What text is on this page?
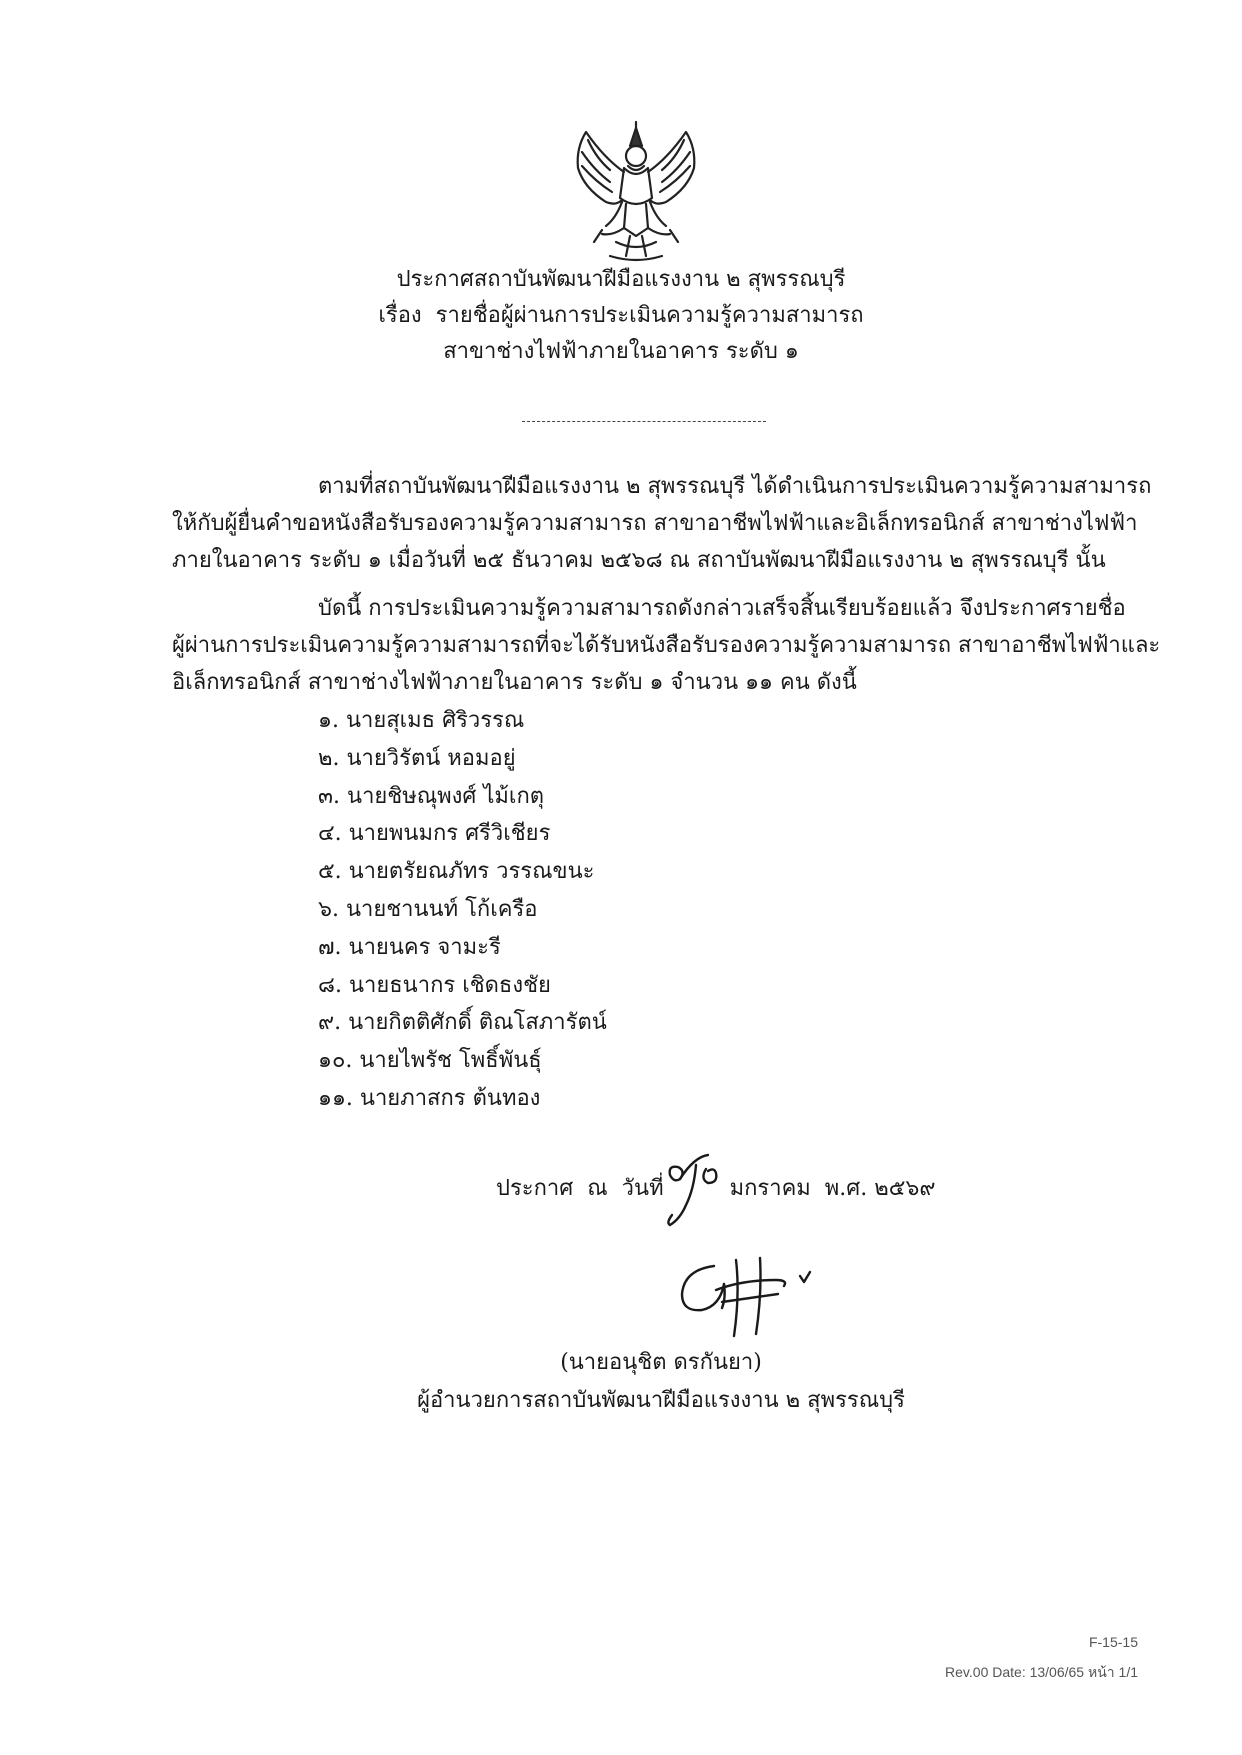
ประกาศสถาบันพัฒนาฝีมือแรงงาน ๒ สุพรรณบุรี
เรื่อง รายชื่อผู้ผ่านการประเมินความรู้ความสามารถ
สาขาช่างไฟฟ้าภายในอาคาร ระดับ ๑
ตามที่สถาบันพัฒนาฝีมือแรงงาน ๒ สุพรรณบุรี ได้ดำเนินการประเมินความรู้ความสามารถ
ให้กับผู้ยื่นคำขอหนังสือรับรองความรู้ความสามารถ สาขาอาชีพไฟฟ้าและอิเล็กทรอนิกส์ สาขาช่างไฟฟ้า
ภายในอาคาร ระดับ ๑ เมื่อวันที่ ๒๕ ธันวาคม ๒๕๖๘ ณ สถาบันพัฒนาฝีมือแรงงาน ๒ สุพรรณบุรี นั้น
บัดนี้ การประเมินความรู้ความสามารถดังกล่าวเสร็จสิ้นเรียบร้อยแล้ว จึงประกาศรายชื่อ
ผู้ผ่านการประเมินความรู้ความสามารถที่จะได้รับหนังสือรับรองความรู้ความสามารถ สาขาอาชีพไฟฟ้าและ
อิเล็กทรอนิกส์ สาขาช่างไฟฟ้าภายในอาคาร ระดับ ๑ จำนวน ๑๑ คน ดังนี้
๑. นายสุเมธ ศิริวรรณ
๒. นายวิรัตน์ หอมอยู่
๓. นายชิษณุพงศ์ ไม้เกตุ
๔. นายพนมกร ศรีวิเชียร
๕. นายตรัยณภัทร วรรณขนะ
๖. นายชานนท์ โก้เครือ
๗. นายนคร จามะรี
๘. นายธนากร เชิดธงชัย
๙. นายกิตติศักดิ์ ติณโสภารัตน์
๑๐. นายไพรัช โพธิ์พันธุ์
๑๑. นายภาสกร ต้นทอง
ประกาศ ณ วันที่	มกราคม พ.ศ. ๒๕๖๙
(นายอนุชิต ดรกันยา)
ผู้อำนวยการสถาบันพัฒนาฝีมือแรงงาน ๒ สุพรรณบุรี
F-15-15
Rev.00 Date: 13/06/65 หน้า 1/1
